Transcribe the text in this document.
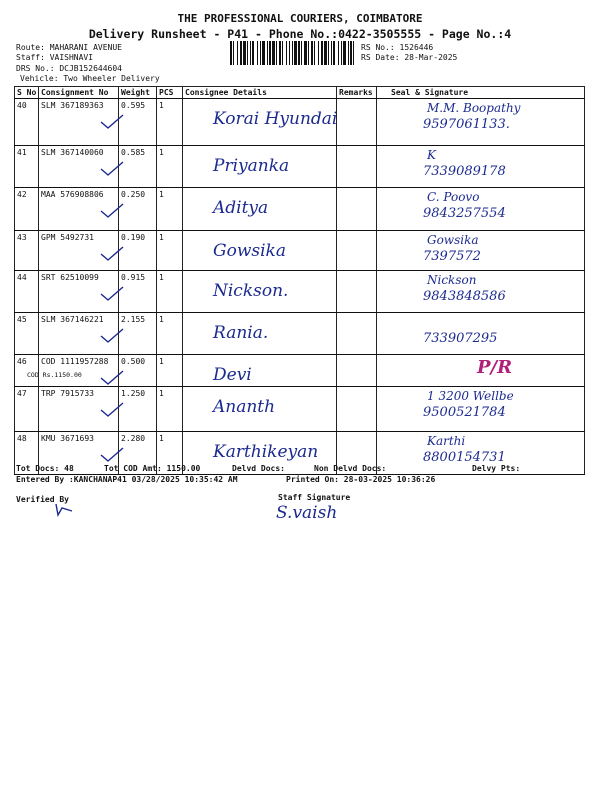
THE PROFESSIONAL COURIERS, COIMBATORE
Delivery Runsheet - P41 - Phone No.:0422-3505555 - Page No.:4
Route: MAHARANI AVENUE
Staff: VAISHNAVI
DRS No.: DCJB152644604
Vehicle: Two Wheeler Delivery
RS No.: 1526446
RS Date: 28-Mar-2025
S No	Consignment No	Weight	PCS	Consignee Details	Remarks	Seal & Signature
40	SLM 367189363	0.595	1	Korai Hyundai		M.M. Boopathy
9597061133.

41	SLM 367140060	0.585	1	Priyanka		K
7339089178

42	MAA 576908806	0.250	1	Aditya		C. Poovo
9843257554

43	GPM 5492731	0.190	1	Gowsika		Gowsika
7397572

44	SRT 62510099	0.915	1	Nickson.		Nickson
9843848586

45	SLM 367146221	2.155	1	Rania.		733907295

46	COD 1111957288
COD Rs.1150.00	0.500	1	Devi		P/R

47	TRP 7915733	1.250	1	Ananth		1 3200 Wellbe
9500521784

48	KMU 3671693	2.280	1	Karthikeyan		Karthi
8800154731
Tot Docs: 48	Tot COD Amt: 1150.00	Delvd Docs:	Non Delvd Docs:	Delvy Pts:
Entered By :KANCHANAP41 03/28/2025 10:35:42 AM	Printed On: 28-03-2025 10:36:26
Verified By	Staff Signature
S.vaish
